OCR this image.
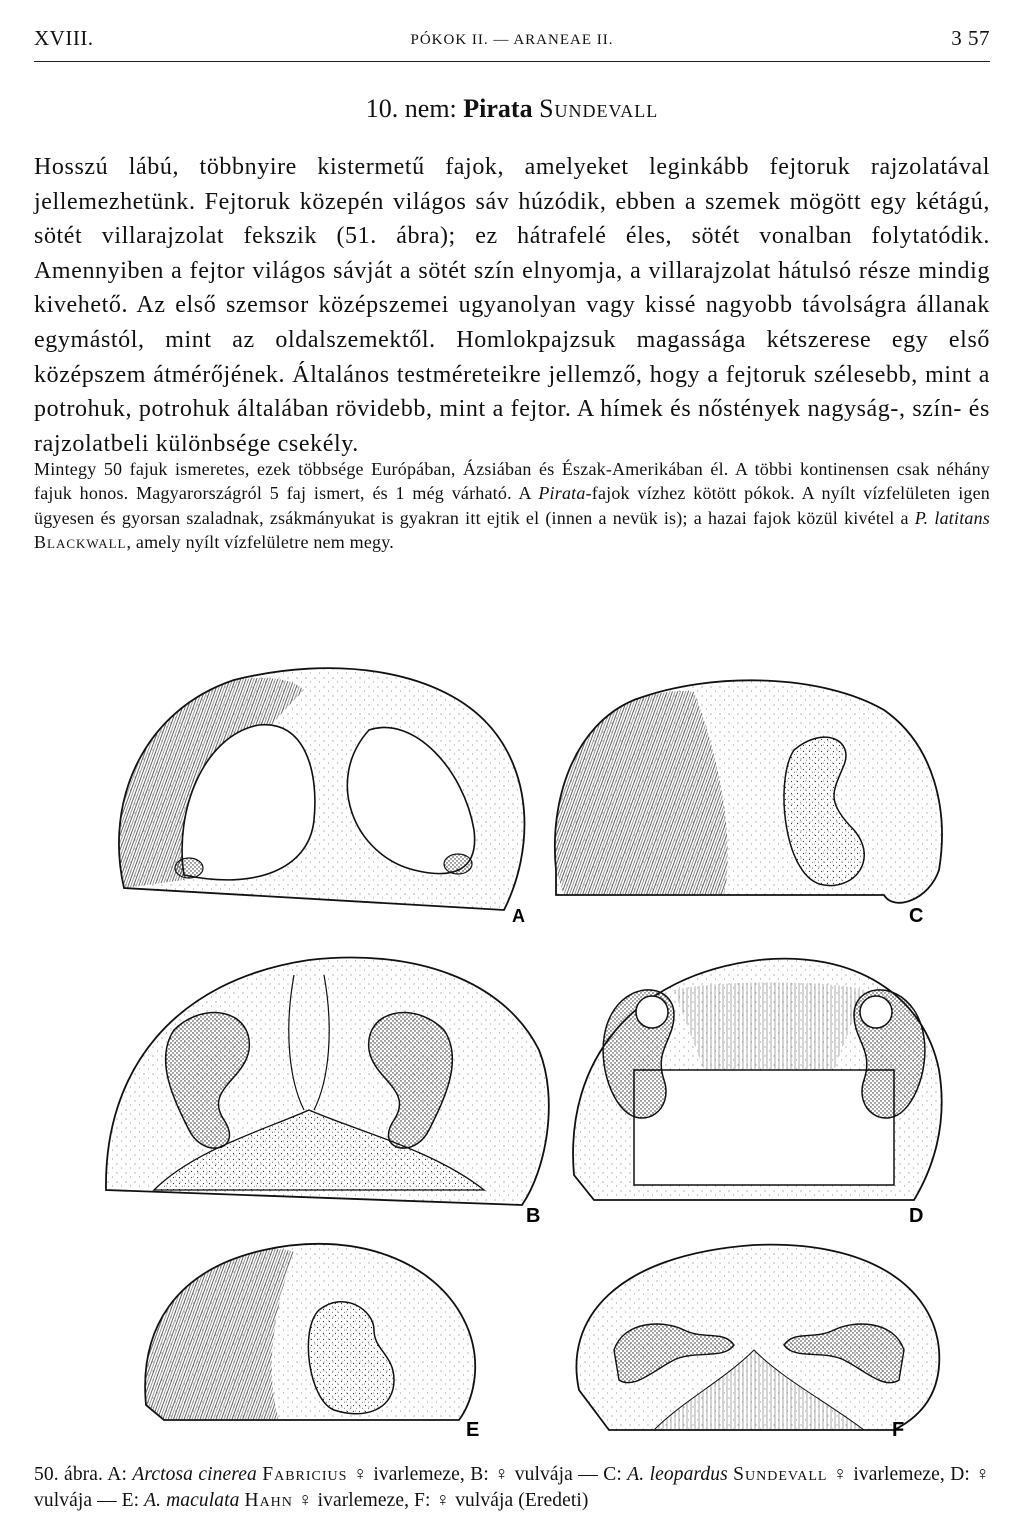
XVIII.	PÓKOK II. — ARANEAE II.	3 57
10. nem: Pirata Sundevall
Hosszú lábú, többnyire kistermetű fajok, amelyeket leginkább fejtoruk rajzolatával jellemezhetünk. Fejtoruk közepén világos sáv húzódik, ebben a szemek mögött egy kétágú, sötét villarajzolat fekszik (51. ábra); ez hátrafelé éles, sötét vonalban folytatódik. Amennyiben a fejtor világos sávját a sötét szín elnyomja, a villarajzolat hátulsó része mindig kivehető. Az első szemsor középszemei ugyanolyan vagy kissé nagyobb távolságra állanak egymástól, mint az oldalszemektől. Homlokpajzsuk magassága kétszerese egy első középszem átmérőjének. Általános testméreteikre jellemző, hogy a fejtoruk szélesebb, mint a potrohuk, potrohuk általában rövidebb, mint a fejtor. A hímek és nőstények nagyság-, szín- és rajzolatbeli különbsége csekély.
Mintegy 50 fajuk ismeretes, ezek többsége Európában, Ázsiában és Észak-Amerikában él. A többi kontinensen csak néhány fajuk honos. Magyarországról 5 faj ismert, és 1 még várható. A Pirata-fajok vízhez kötött pókok. A nyílt vízfelületen igen ügyesen és gyorsan szaladnak, zsákmányukat is gyakran itt ejtik el (innen a nevük is); a hazai fajok közül kivétel a P. latitans Blackwall, amely nyílt vízfelületre nem megy.
A	C
B	D
E	F
50. ábra. A: Arctosa cinerea Fabricius ♀ ivarlemeze, B: ♀ vulvája — C: A. leopardus Sundevall ♀ ivarlemeze, D: ♀ vulvája — E: A. maculata Hahn ♀ ivarlemeze, F: ♀ vulvája (Eredeti)
